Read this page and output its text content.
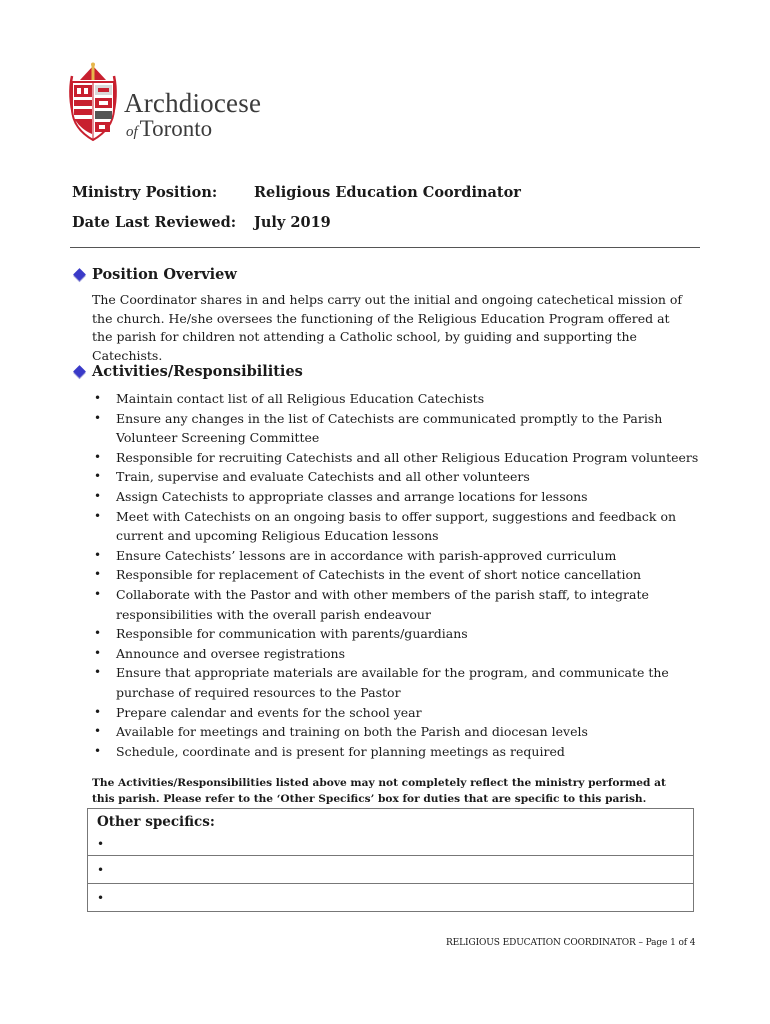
Archdiocese
ofToronto
Ministry Position:	Religious Education Coordinator
Date Last Reviewed: July 2019
Position Overview
The Coordinator shares in and helps carry out the initial and ongoing catechetical mission of the church. He/she oversees the functioning of the Religious Education Program offered at the parish for children not attending a Catholic school, by guiding and supporting the Catechists.
Activities/Responsibilities
• Maintain contact list of all Religious Education Catechists
• Ensure any changes in the list of Catechists are communicated promptly to the Parish Volunteer Screening Committee
• Responsible for recruiting Catechists and all other Religious Education Program volunteers
• Train, supervise and evaluate Catechists and all other volunteers
• Assign Catechists to appropriate classes and arrange locations for lessons
• Meet with Catechists on an ongoing basis to offer support, suggestions and feedback on current and upcoming Religious Education lessons
• Ensure Catechists’ lessons are in accordance with parish-approved curriculum
• Responsible for replacement of Catechists in the event of short notice cancellation
• Collaborate with the Pastor and with other members of the parish staff, to integrate responsibilities with the overall parish endeavour
• Responsible for communication with parents/guardians
• Announce and oversee registrations
• Ensure that appropriate materials are available for the program, and communicate the purchase of required resources to the Pastor
• Prepare calendar and events for the school year
• Available for meetings and training on both the Parish and diocesan levels
• Schedule, coordinate and is present for planning meetings as required
The Activities/Responsibilities listed above may not completely reflect the ministry performed at this parish. Please refer to the ‘Other Specifics’ box for duties that are specific to this parish.
Other specifics:
•
•
•
RELIGIOUS EDUCATION COORDINATOR – Page 1 of 4
